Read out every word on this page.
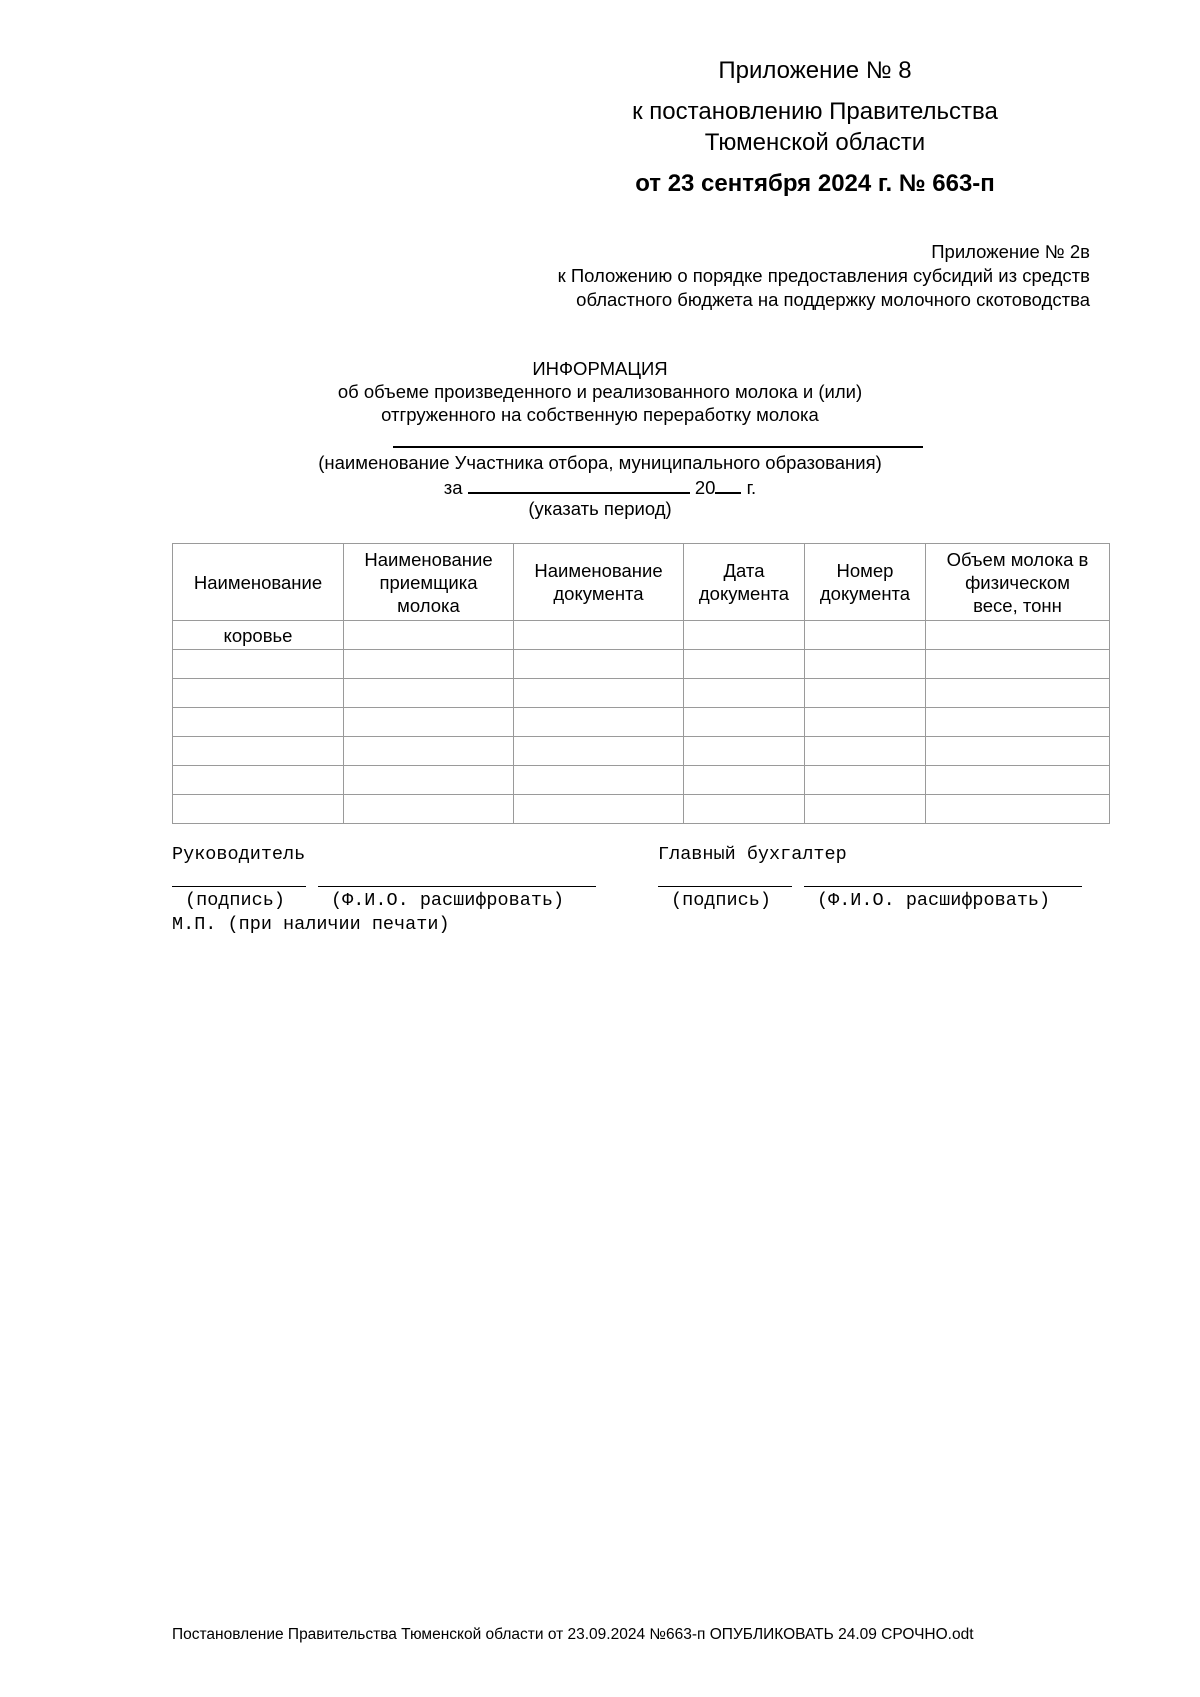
Приложение № 8
к постановлению Правительства
Тюменской области
от 23 сентября 2024 г. № 663-п
Приложение № 2в
к Положению о порядке предоставления субсидий из средств
областного бюджета на поддержку молочного скотоводства
ИНФОРМАЦИЯ
об объеме произведенного и реализованного молока и (или)
отгруженного на собственную переработку молока
(наименование Участника отбора, муниципального образования)
за	20 г.
(указать период)
Наименование	Наименование приемщика молока	Наименование документа	Дата документа	Номер документа	Объем молока в физическом весе, тонн
коровье					

Руководитель	Главный бухгалтер
(подпись) (Ф.И.О. расшифровать)	(подпись) (Ф.И.О. расшифровать)
М.П. (при наличии печати)
Постановление Правительства Тюменской области от 23.09.2024 №663-п ОПУБЛИКОВАТЬ 24.09 СРОЧНО.odt
